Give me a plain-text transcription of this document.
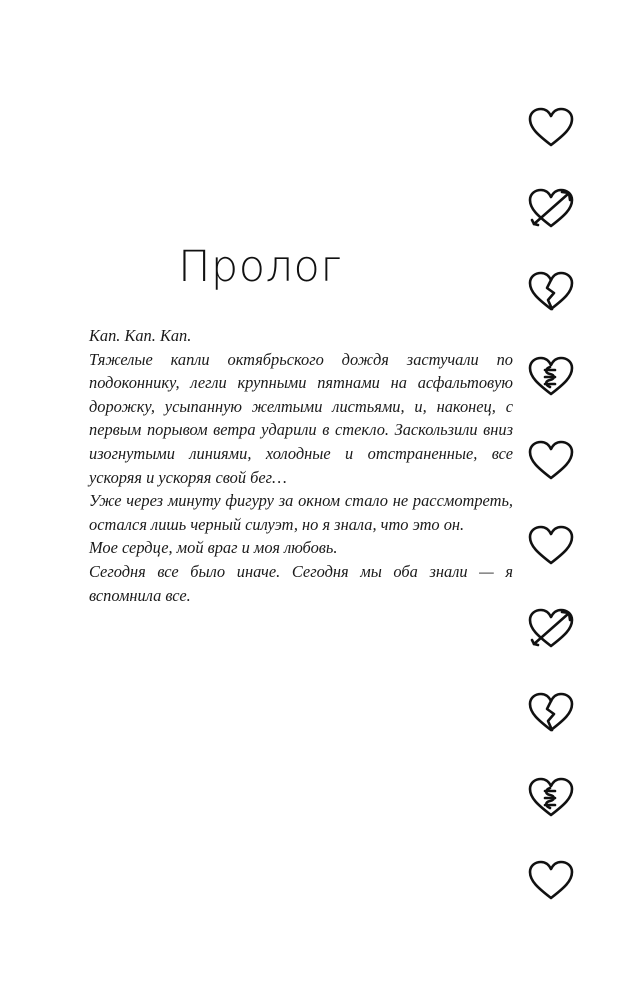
Пролог

Кап. Кап. Кап.

Тяжелые капли октябрьского дождя застучали по подоконнику, легли крупными пятнами на асфальтовую дорожку, усыпанную желтыми листьями, и, наконец, с первым порывом ветра ударили в стекло. Заскользили вниз изогнутыми линиями, холодные и отстраненные, все ускоряя и ускоряя свой бег…

Уже через минуту фигуру за окном стало не рассмотреть, остался лишь черный силуэт, но я знала, что это он.

Мое сердце, мой враг и моя любовь.

Сегодня все было иначе. Сегодня мы оба знали — я вспомнила все.
